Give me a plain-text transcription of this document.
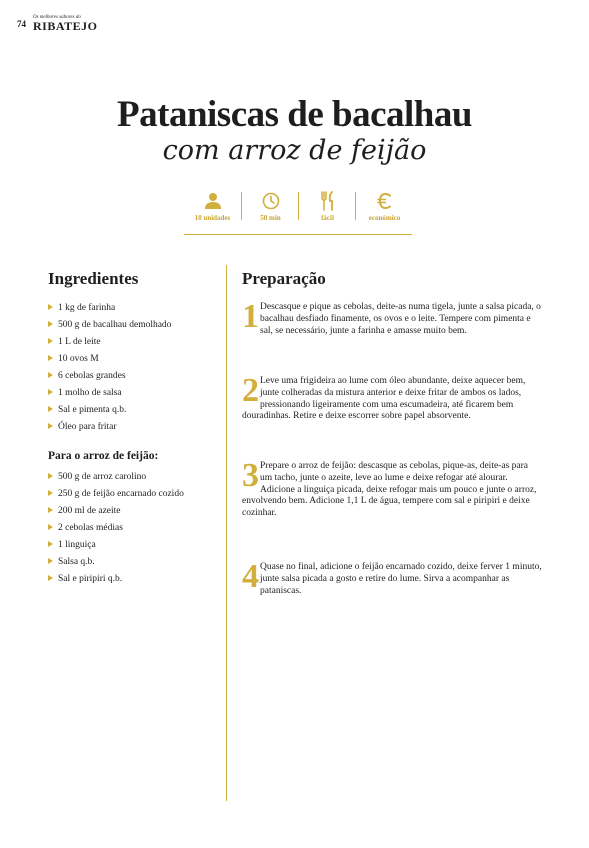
74
Os melhores sabores do
RIBATEJO
Pataniscas de bacalhau
com arroz de feijão
10 unidades	50 min	fácil	económico
Ingredientes
1 kg de farinha
500 g de bacalhau demolhado
1 L de leite
10 ovos M
6 cebolas grandes
1 molho de salsa
Sal e pimenta q.b.
Óleo para fritar
Para o arroz de feijão:
500 g de arroz carolino
250 g de feijão encarnado cozido
200 ml de azeite
2 cebolas médias
1 linguiça
Salsa q.b.
Sal e piripiri q.b.
Preparação
1 Descasque e pique as cebolas, deite-as numa tigela, junte a salsa picada, o bacalhau desfiado finamente, os ovos e o leite. Tempere com pimenta e sal, se necessário, junte a farinha e amasse muito bem.

2 Leve uma frigideira ao lume com óleo abundante, deixe aquecer bem, junte colheradas da mistura anterior e deixe fritar de ambos os lados, pressionando ligeiramente com uma escumadeira, até ficarem bem douradinhas. Retire e deixe escorrer sobre papel absorvente.

3 Prepare o arroz de feijão: descasque as cebolas, pique-as, deite-as para um tacho, junte o azeite, leve ao lume e deixe refogar até alourar. Adicione a linguiça picada, deixe refogar mais um pouco e junte o arroz, envolvendo bem. Adicione 1,1 L de água, tempere com sal e piripiri e deixe cozinhar.

4 Quase no final, adicione o feijão encarnado cozido, deixe ferver 1 minuto, junte salsa picada a gosto e retire do lume. Sirva a acompanhar as pataniscas.
